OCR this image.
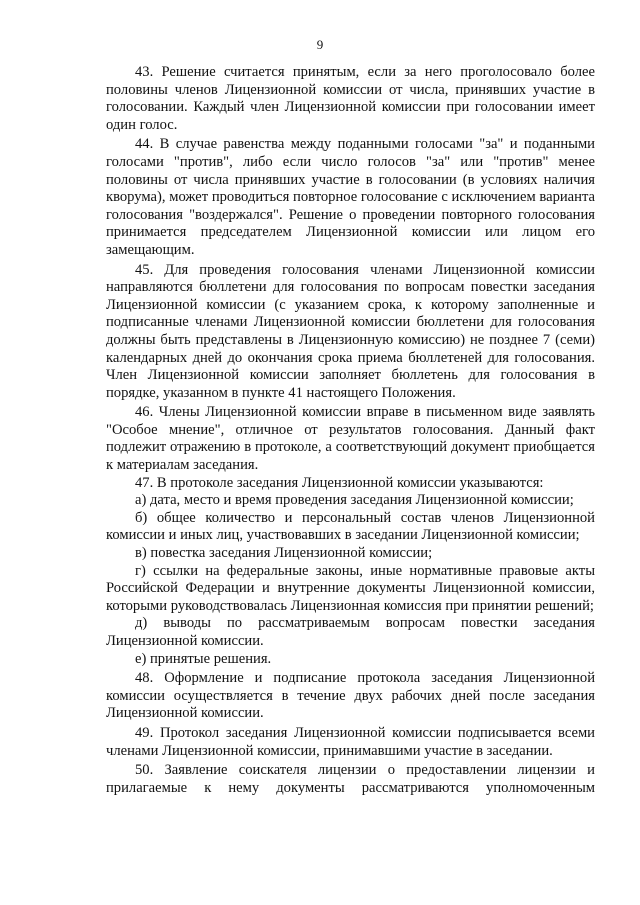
9

43. Решение считается принятым, если за него проголосовало более половины членов Лицензионной комиссии от числа, принявших участие в голосовании. Каждый член Лицензионной комиссии при голосовании имеет один голос.

44. В случае равенства между поданными голосами "за" и поданными голосами "против", либо если число голосов "за" или "против" менее половины от числа принявших участие в голосовании (в условиях наличия кворума), может проводиться повторное голосование с исключением варианта голосования "воздержался". Решение о проведении повторного голосования принимается председателем Лицензионной комиссии или лицом его замещающим.

45. Для проведения голосования членами Лицензионной комиссии направляются бюллетени для голосования по вопросам повестки заседания Лицензионной комиссии (с указанием срока, к которому заполненные и подписанные членами Лицензионной комиссии бюллетени для голосования должны быть представлены в Лицензионную комиссию) не позднее 7 (семи) календарных дней до окончания срока приема бюллетеней для голосования. Член Лицензионной комиссии заполняет бюллетень для голосования в порядке, указанном в пункте 41 настоящего Положения.

46. Члены Лицензионной комиссии вправе в письменном виде заявлять "Особое мнение", отличное от результатов голосования. Данный факт подлежит отражению в протоколе, а соответствующий документ приобщается к материалам заседания.

47. В протоколе заседания Лицензионной комиссии указываются:

а) дата, место и время проведения заседания Лицензионной комиссии;

б) общее количество и персональный состав членов Лицензионной комиссии и иных лиц, участвовавших в заседании Лицензионной комиссии;

в) повестка заседания Лицензионной комиссии;

г) ссылки на федеральные законы, иные нормативные правовые акты Российской Федерации и внутренние документы Лицензионной комиссии, которыми руководствовалась Лицензионная комиссия при принятии решений;

д) выводы по рассматриваемым вопросам повестки заседания Лицензионной комиссии.

е) принятые решения.

48. Оформление и подписание протокола заседания Лицензионной комиссии осуществляется в течение двух рабочих дней после заседания Лицензионной комиссии.

49. Протокол заседания Лицензионной комиссии подписывается всеми членами Лицензионной комиссии, принимавшими участие в заседании.

50. Заявление соискателя лицензии о предоставлении лицензии и прилагаемые к нему документы рассматриваются уполномоченным
